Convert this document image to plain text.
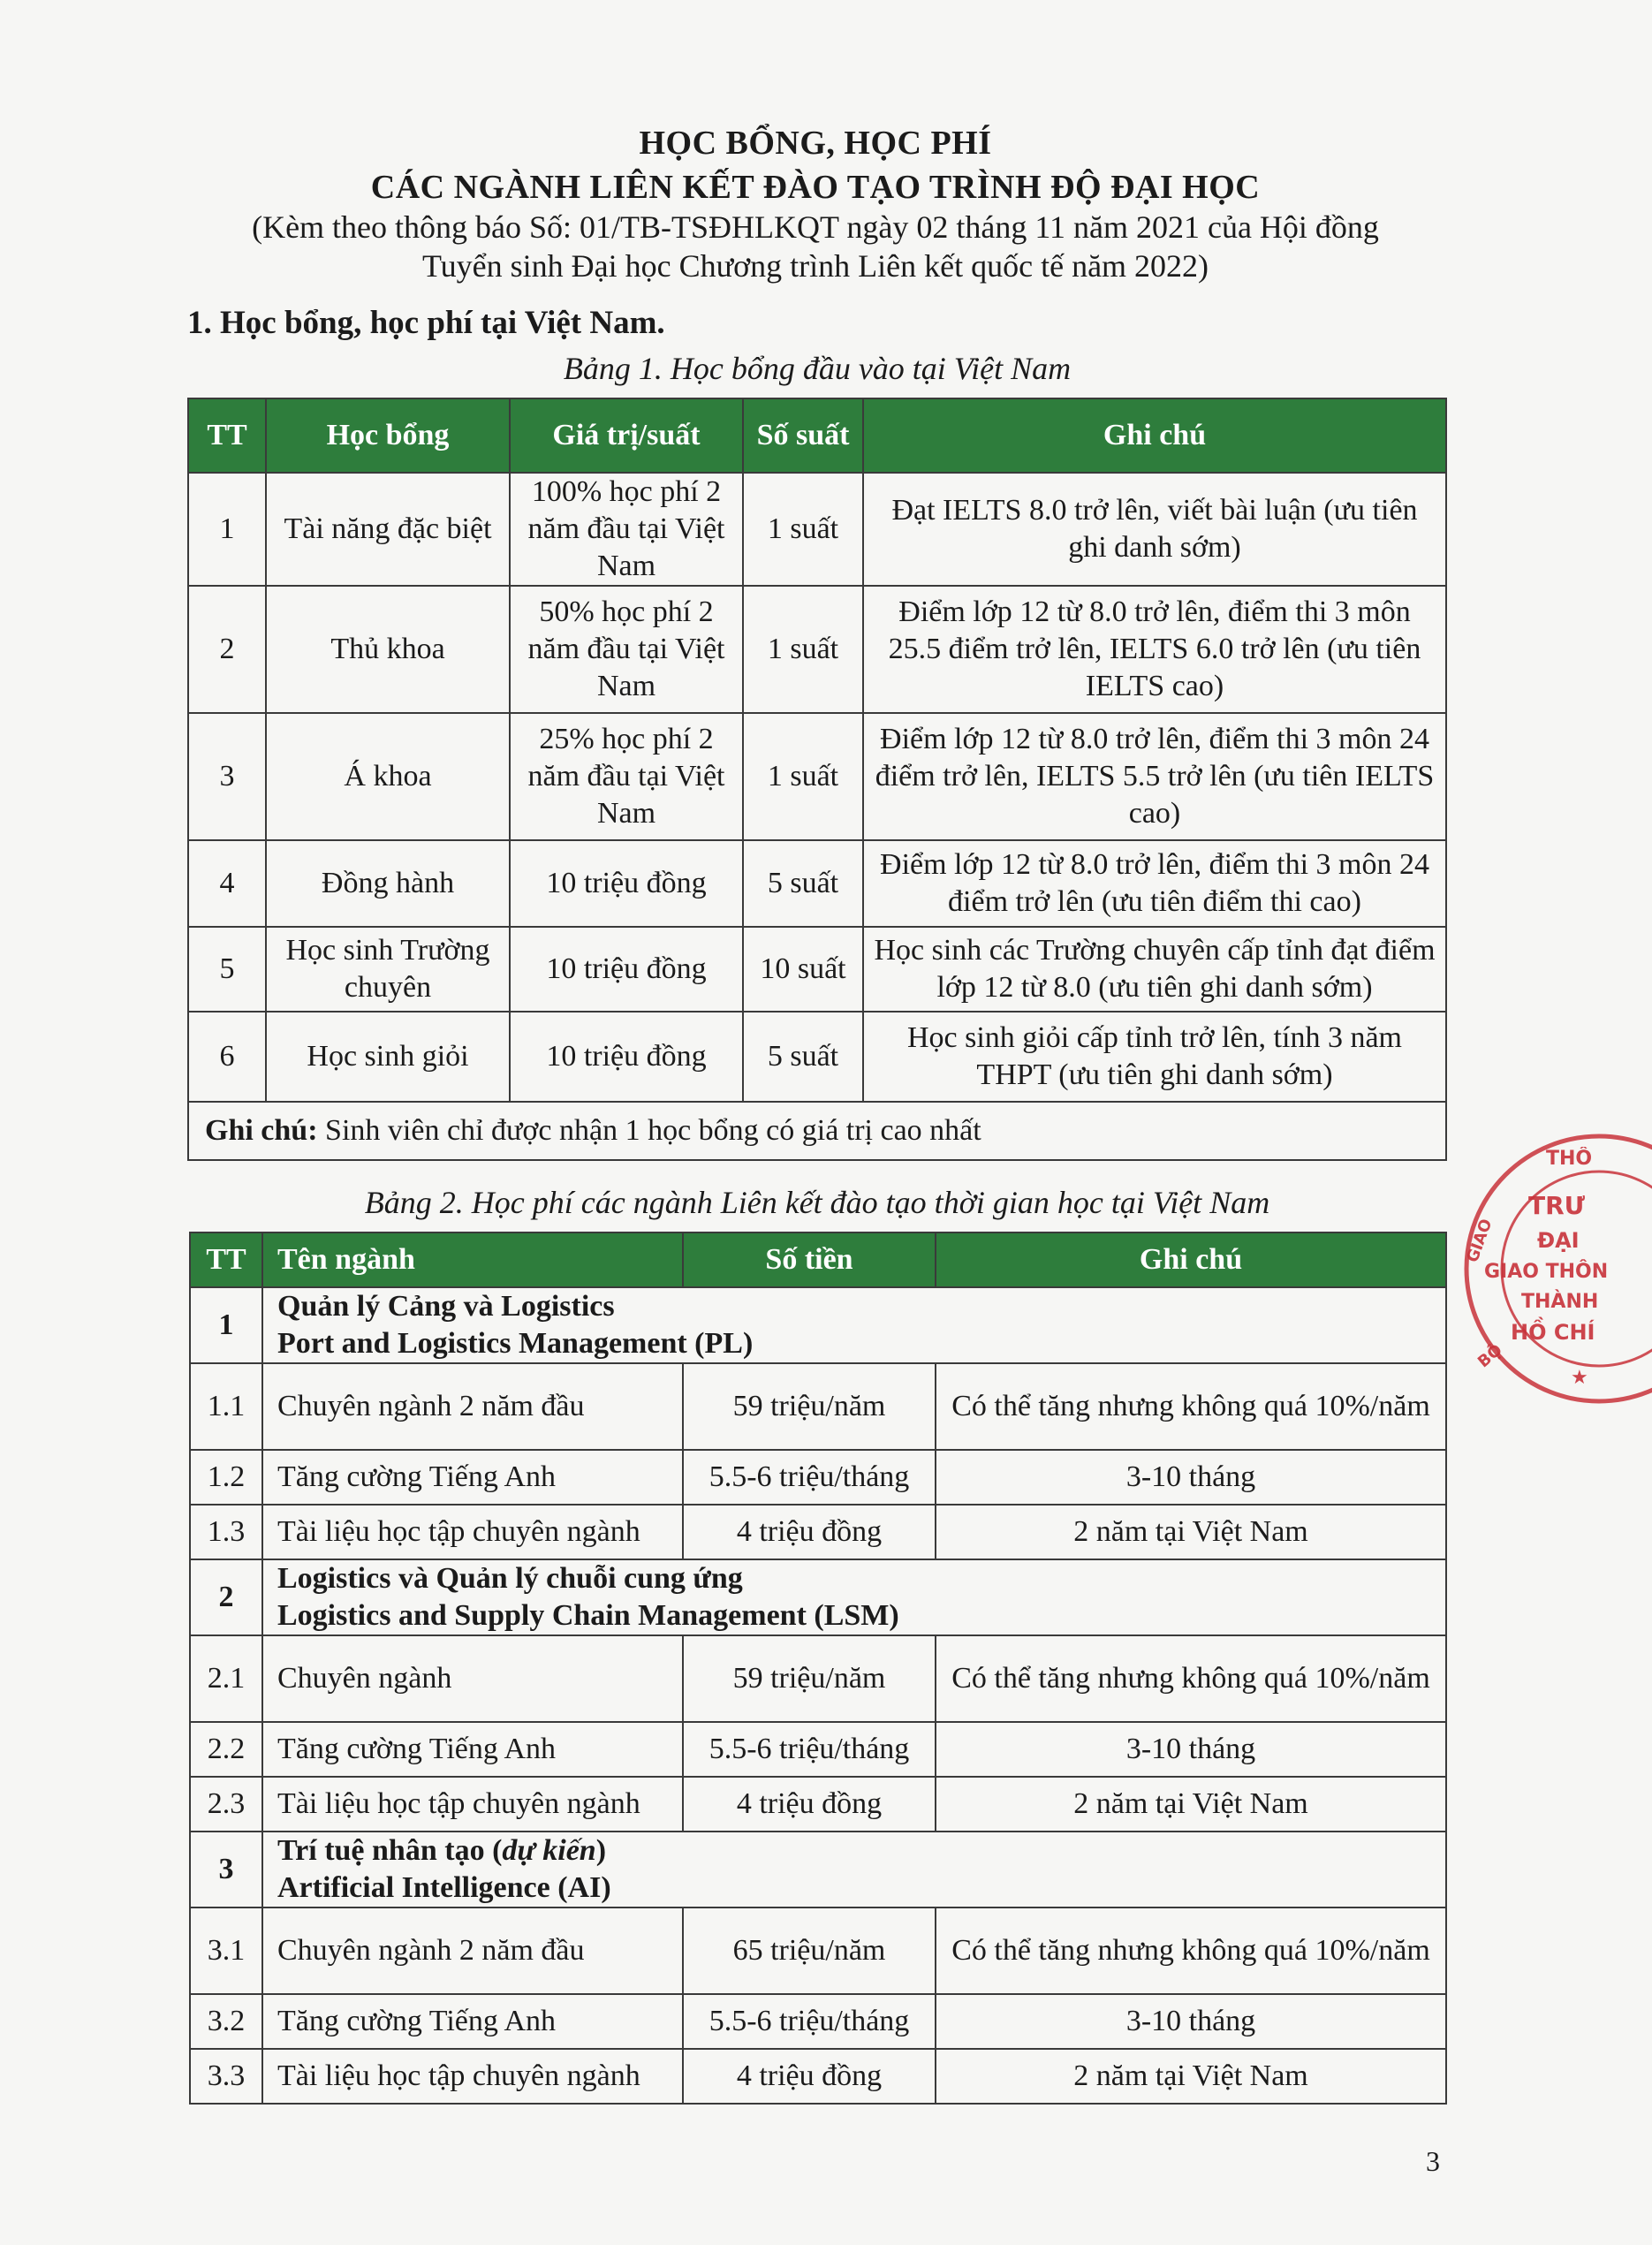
HỌC BỔNG, HỌC PHÍ
CÁC NGÀNH LIÊN KẾT ĐÀO TẠO TRÌNH ĐỘ ĐẠI HỌC
(Kèm theo thông báo Số: 01/TB-TSĐHLKQT ngày 02 tháng 11 năm 2021 của Hội đồng
Tuyển sinh Đại học Chương trình Liên kết quốc tế năm 2022)
1. Học bổng, học phí tại Việt Nam.
Bảng 1. Học bổng đầu vào tại Việt Nam
TT	Học bổng	Giá trị/suất	Số suất	Ghi chú
1	Tài năng đặc biệt	100% học phí 2 năm đầu tại Việt Nam	1 suất	Đạt IELTS 8.0 trở lên, viết bài luận (ưu tiên ghi danh sớm)
2	Thủ khoa	50% học phí 2 năm đầu tại Việt Nam	1 suất	Điểm lớp 12 từ 8.0 trở lên, điểm thi 3 môn 25.5 điểm trở lên, IELTS 6.0 trở lên (ưu tiên IELTS cao)
3	Á khoa	25% học phí 2 năm đầu tại Việt Nam	1 suất	Điểm lớp 12 từ 8.0 trở lên, điểm thi 3 môn 24 điểm trở lên, IELTS 5.5 trở lên (ưu tiên IELTS cao)
4	Đồng hành	10 triệu đồng	5 suất	Điểm lớp 12 từ 8.0 trở lên, điểm thi 3 môn 24 điểm trở lên (ưu tiên điểm thi cao)
5	Học sinh Trường chuyên	10 triệu đồng	10 suất	Học sinh các Trường chuyên cấp tỉnh đạt điểm lớp 12 từ 8.0 (ưu tiên ghi danh sớm)
6	Học sinh giỏi	10 triệu đồng	5 suất	Học sinh giỏi cấp tỉnh trở lên, tính 3 năm THPT (ưu tiên ghi danh sớm)
Ghi chú: Sinh viên chỉ được nhận 1 học bổng có giá trị cao nhất				
Bảng 2. Học phí các ngành Liên kết đào tạo thời gian học tại Việt Nam
TT	Tên ngành	Số tiền	Ghi chú
1	Quản lý Cảng và Logistics
Port and Logistics Management (PL)		

1.1	Chuyên ngành 2 năm đầu	59 triệu/năm	Có thể tăng nhưng không quá 10%/năm
1.2	Tăng cường Tiếng Anh	5.5-6 triệu/tháng	3-10 tháng
1.3	Tài liệu học tập chuyên ngành	4 triệu đồng	2 năm tại Việt Nam
2	Logistics và Quản lý chuỗi cung ứng
Logistics and Supply Chain Management (LSM)		

2.1	Chuyên ngành	59 triệu/năm	Có thể tăng nhưng không quá 10%/năm
2.2	Tăng cường Tiếng Anh	5.5-6 triệu/tháng	3-10 tháng
2.3	Tài liệu học tập chuyên ngành	4 triệu đồng	2 năm tại Việt Nam
3	Trí tuệ nhân tạo (dự kiến)
Artificial Intelligence (AI)		

3.1	Chuyên ngành 2 năm đầu	65 triệu/năm	Có thể tăng nhưng không quá 10%/năm
3.2	Tăng cường Tiếng Anh	5.5-6 triệu/tháng	3-10 tháng
3.3	Tài liệu học tập chuyên ngành	4 triệu đồng	2 năm tại Việt Nam
THÔ
TRƯ
ĐẠI
GIAO THÔN
THÀNH
HỒ CHÍ
GIAO
BỘ
★
3
